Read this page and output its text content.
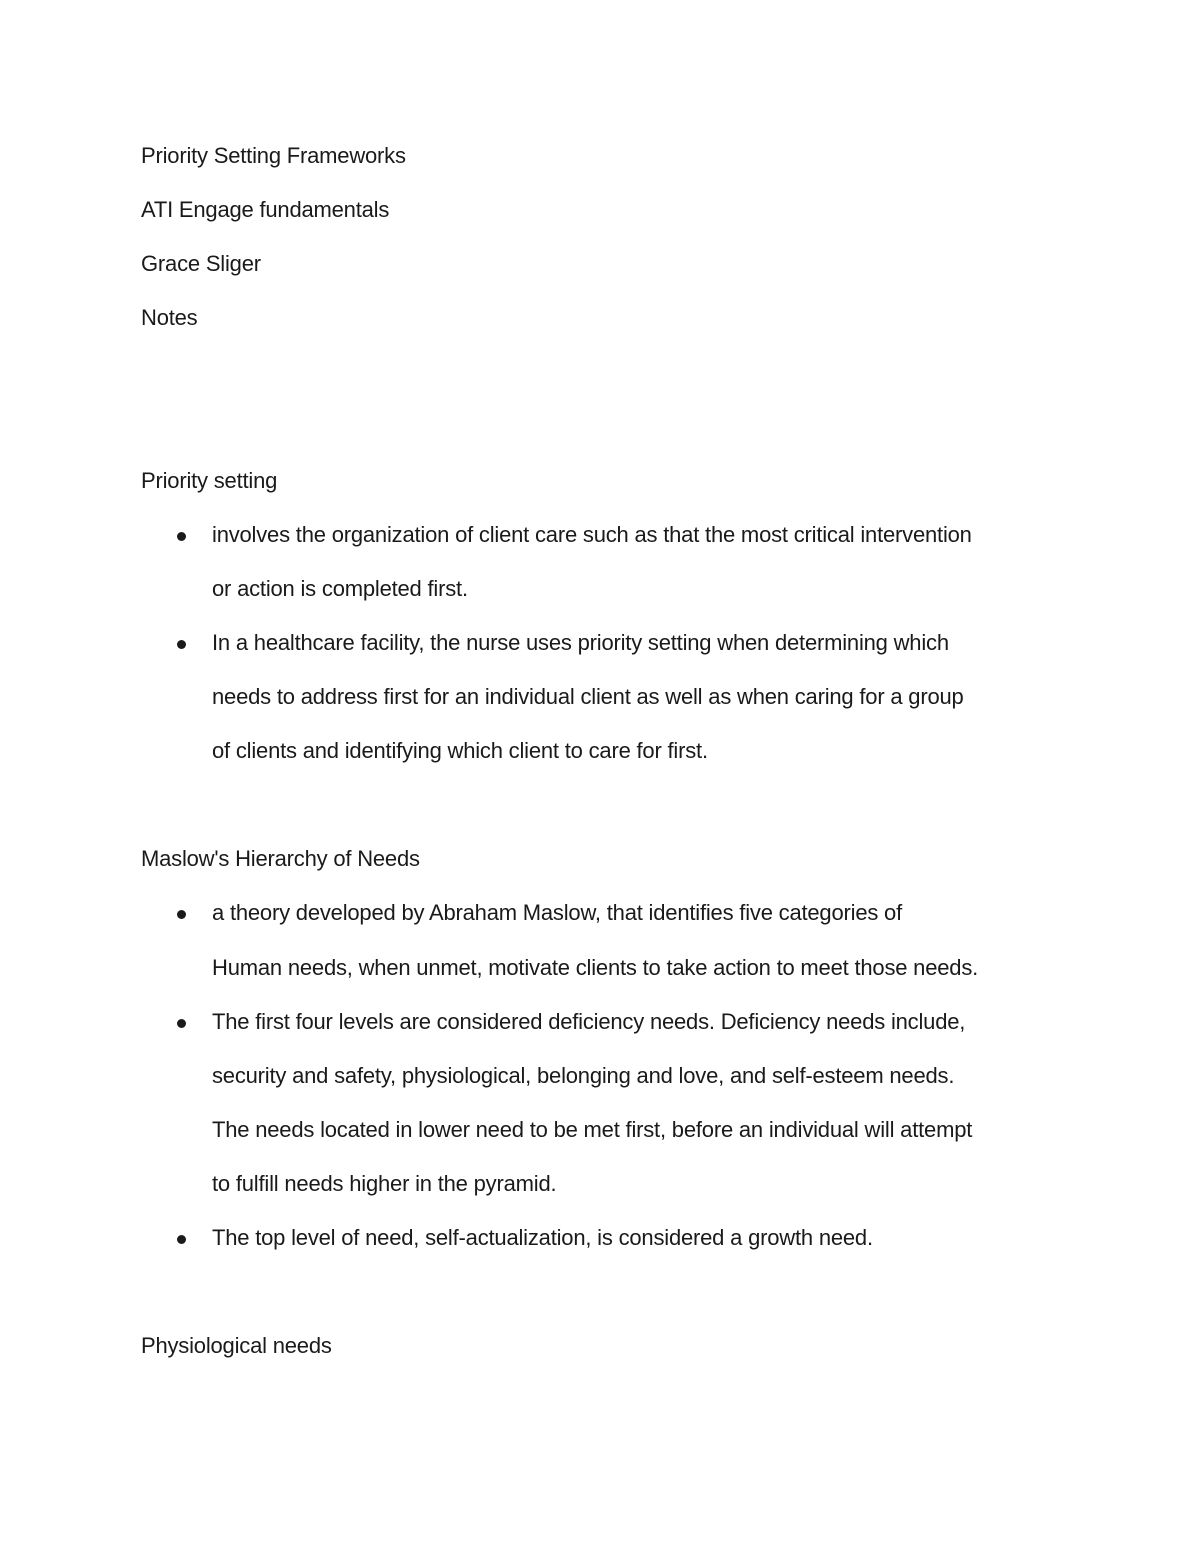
Priority Setting Frameworks
ATI Engage fundamentals
Grace Sliger
Notes
Priority setting
involves the organization of client care such as that the most critical intervention
or action is completed first.
In a healthcare facility, the nurse uses priority setting when determining which
needs to address first for an individual client as well as when caring for a group
of clients and identifying which client to care for first.
Maslow's Hierarchy of Needs
a theory developed by Abraham Maslow, that identifies five categories of
Human needs, when unmet, motivate clients to take action to meet those needs.
The first four levels are considered deficiency needs. Deficiency needs include,
security and safety, physiological, belonging and love, and self-esteem needs.
The needs located in lower need to be met first, before an individual will attempt
to fulfill needs higher in the pyramid.
The top level of need, self-actualization, is considered a growth need.
Physiological needs
